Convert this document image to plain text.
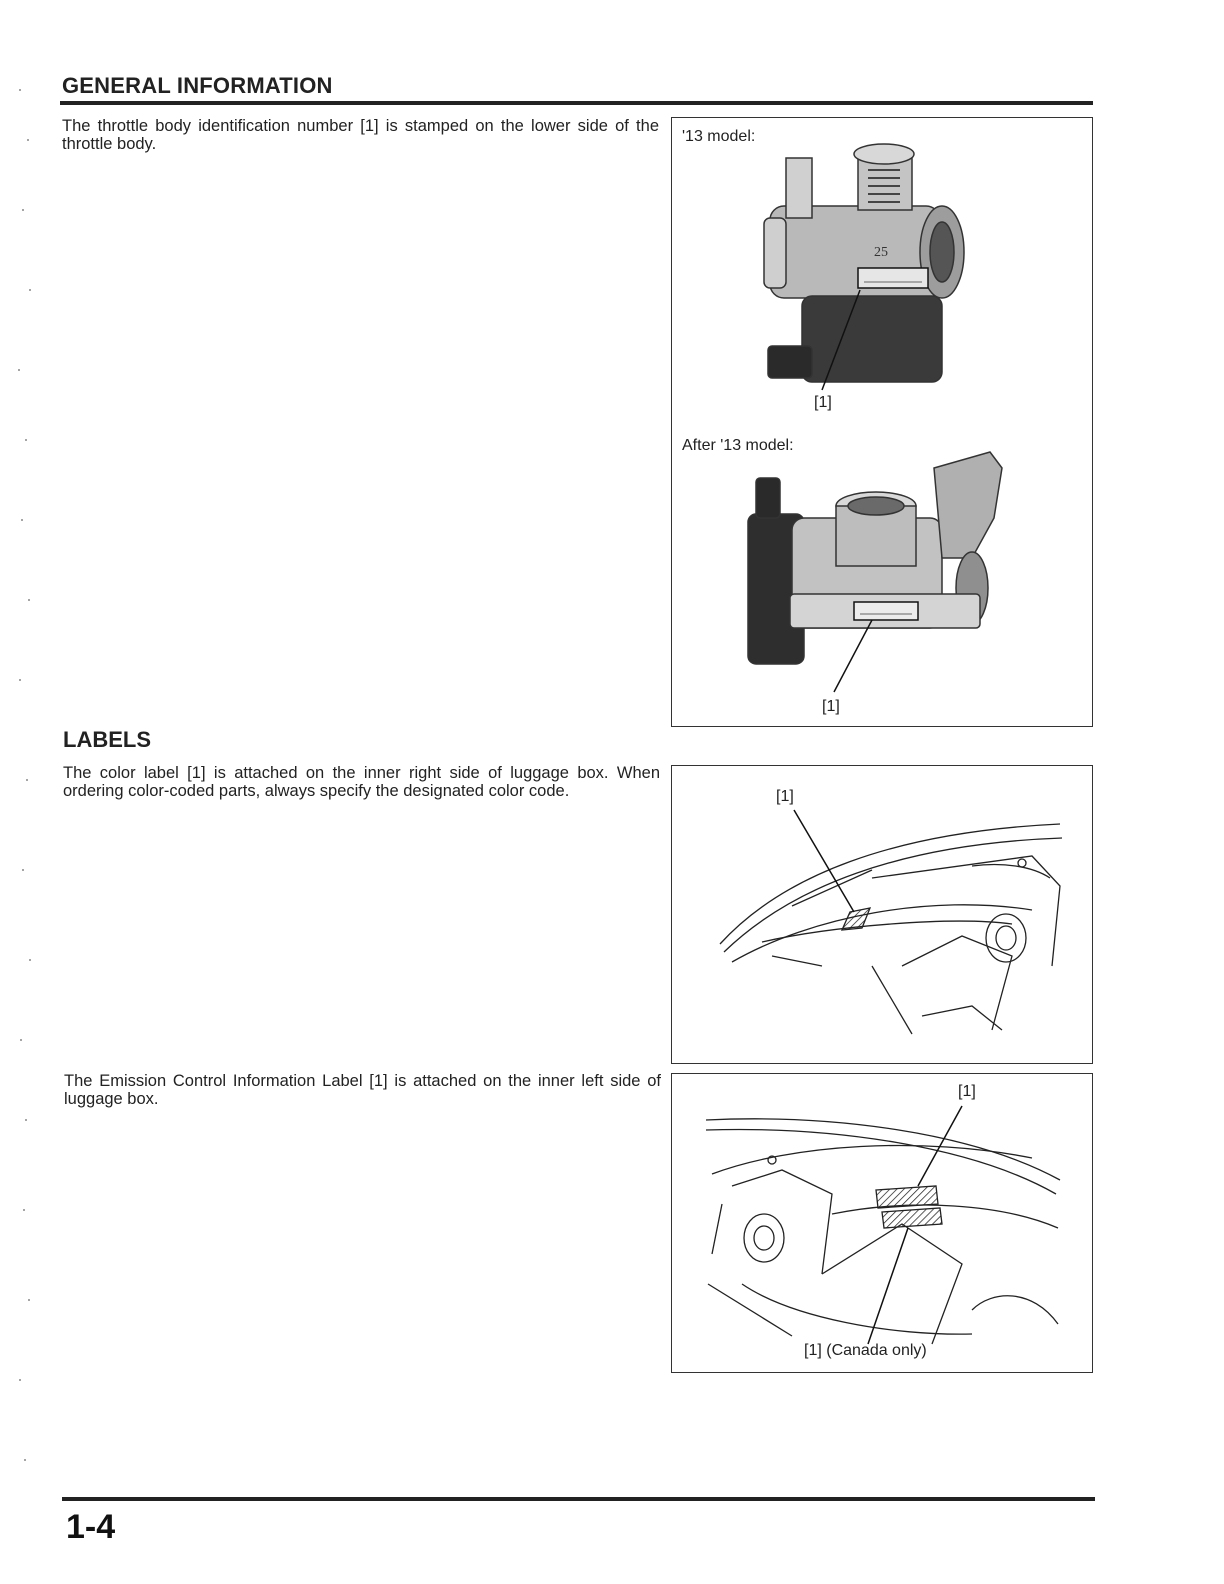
GENERAL INFORMATION
The throttle body identification number [1] is stamped on the lower side of the throttle body.	'13 model:
25
[1]
After '13 model:
[1]
LABELS
The color label [1] is attached on the inner right side of luggage box. When ordering color-coded parts, always specify the designated color code.	[1]
The Emission Control Information Label [1] is attached on the inner left side of luggage box.	[1]
[1] (Canada only)
1-4
